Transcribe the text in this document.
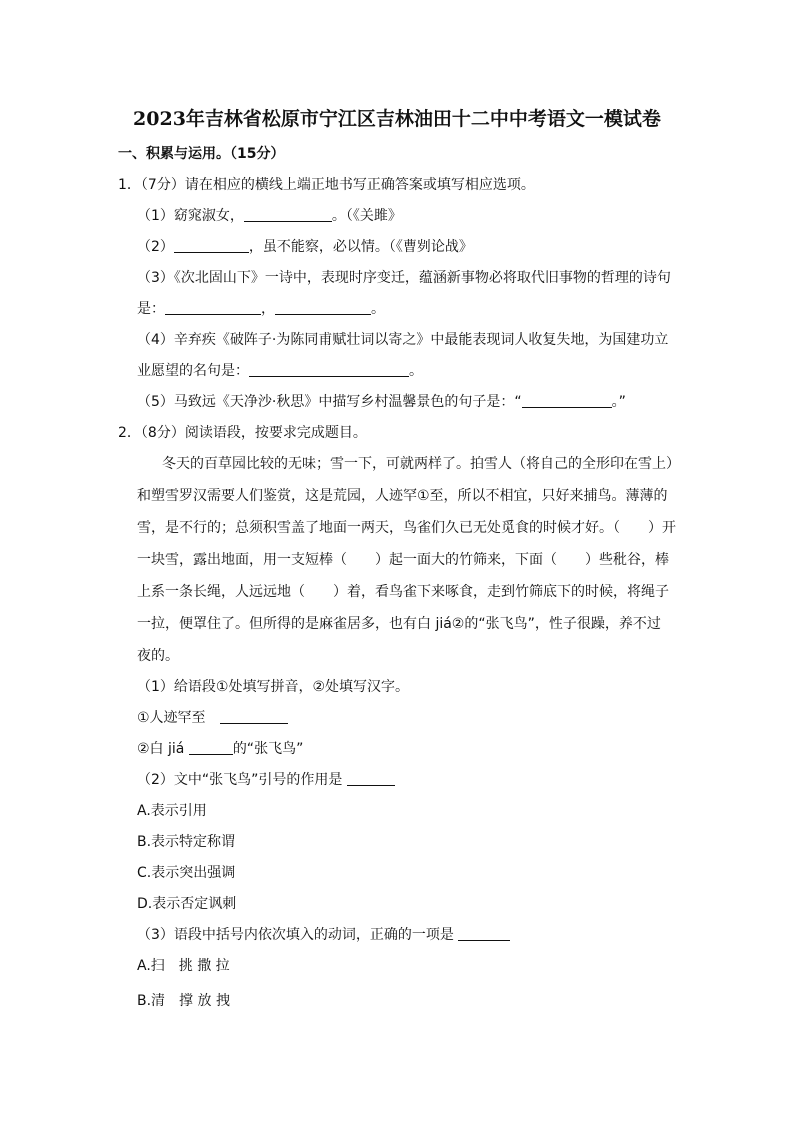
2023年吉林省松原市宁江区吉林油田十二中中考语文一模试卷
一、积累与运用。（15分）
1．（7分）请在相应的横线上端正地书写正确答案或填写相应选项。
（1）窈窕淑女，	。（《关雎》
（2）	，虽不能察，必以情。（《曹刿论战》
（3）《次北固山下》一诗中，表现时序变迁，蕴涵新事物必将取代旧事物的哲理的诗句
是：	，	。
（4）辛弃疾《破阵子·为陈同甫赋壮词以寄之》中最能表现词人收复失地，为国建功立
业愿望的名句是：	。
（5）马致远《天净沙·秋思》中描写乡村温馨景色的句子是：“	。”
2．（8分）阅读语段，按要求完成题目。
冬天的百草园比较的无味；雪一下，可就两样了。拍雪人（将自己的全形印在雪上）
和塑雪罗汉需要人们鉴赏，这是荒园，人迹罕①至，所以不相宜，只好来捕鸟。薄薄的
雪，是不行的；总须积雪盖了地面一两天，鸟雀们久已无处觅食的时候才好。（　　）开
一块雪，露出地面，用一支短棒（　　）起一面大的竹筛来，下面（　　）些秕谷，棒
上系一条长绳，人远远地（　　）着，看鸟雀下来啄食，走到竹筛底下的时候，将绳子
一拉，便罩住了。但所得的是麻雀居多，也有白 jiá②的“张飞鸟”，性子很躁，养不过
夜的。
（1）给语段①处填写拼音，②处填写汉字。
①人迹罕至　
②白 jiá	的“张飞鸟”
（2）文中“张飞鸟”引号的作用是
A.表示引用
B.表示特定称谓
C.表示突出强调
D.表示否定讽刺
（3）语段中括号内依次填入的动词，正确的一项是
A.扫　挑 撒 拉
B.清　撑 放 拽
